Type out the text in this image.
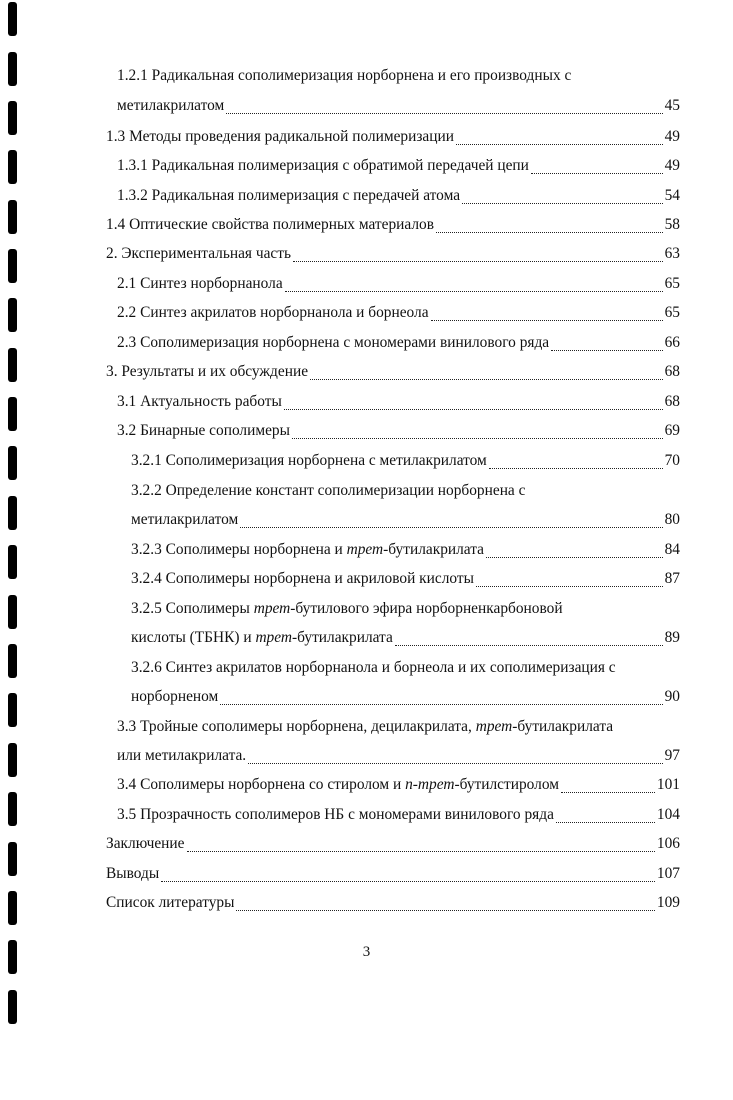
1.2.1 Радикальная сополимеризация норборнена и его производных с
метилакрилатом	45
1.3 Методы проведения радикальной полимеризации	49
1.3.1 Радикальная полимеризация с обратимой передачей цепи	49
1.3.2 Радикальная полимеризация с передачей атома	54
1.4 Оптические свойства полимерных материалов	58
2. Экспериментальная часть	63
2.1 Синтез норборнанола	65
2.2 Синтез акрилатов норборнанола и борнеола	65
2.3 Сополимеризация норборнена с мономерами винилового ряда	66
3. Результаты и их обсуждение	68
3.1 Актуальность работы	68
3.2 Бинарные сополимеры	69
3.2.1 Сополимеризация норборнена с метилакрилатом	70
3.2.2 Определение констант сополимеризации норборнена с
метилакрилатом	80
3.2.3 Сополимеры норборнена и трет-бутилакрилата	84
3.2.4 Сополимеры норборнена и акриловой кислоты	87
3.2.5 Сополимеры трет-бутилового эфира норборненкарбоновой
кислоты (ТБНК) и трет-бутилакрилата	89
3.2.6 Синтез акрилатов норборнанола и борнеола и их сополимеризация с
норборненом	90
3.3 Тройные сополимеры норборнена, децилакрилата, трет-бутилакрилата
или метилакрилата.	97
3.4 Сополимеры норборнена со стиролом и n-трет-бутилстиролом	101
3.5 Прозрачность сополимеров НБ с мономерами винилового ряда	104
Заключение	106
Выводы	107
Список литературы	109
3
